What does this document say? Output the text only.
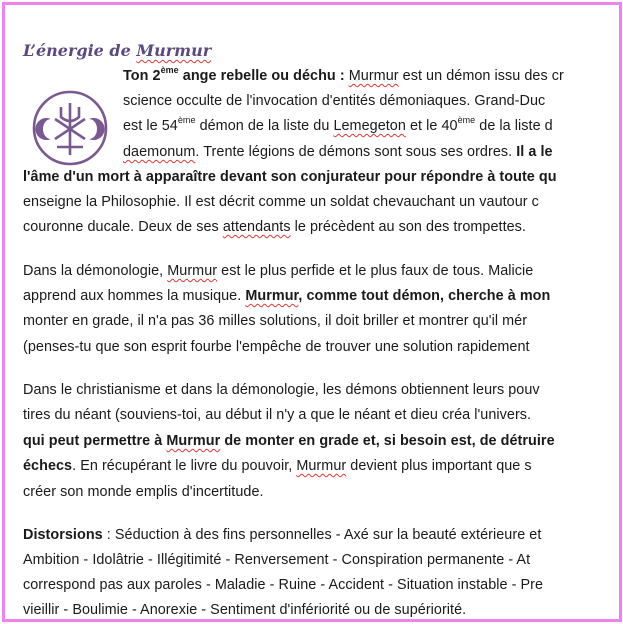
L’énergie de Murmur
Ton 2ème ange rebelle ou déchu : Murmur est un démon issu des cr
science occulte de l'invocation d'entités démoniaques. Grand-Duc
est le 54ème démon de la liste du Lemegeton et le 40ème de la liste d
daemonum. Trente légions de démons sont sous ses ordres. Il a le
l'âme d'un mort à apparaître devant son conjurateur pour répondre à toute qu
enseigne la Philosophie. Il est décrit comme un soldat chevauchant un vautour c
couronne ducale. Deux de ses attendants le précèdent au son des trompettes.
Dans la démonologie, Murmur est le plus perfide et le plus faux de tous. Malicie
apprend aux hommes la musique. Murmur, comme tout démon, cherche à mon
monter en grade, il n'a pas 36 milles solutions, il doit briller et montrer qu'il mér
(penses-tu que son esprit fourbe l'empêche de trouver une solution rapidement
Dans le christianisme et dans la démonologie, les démons obtiennent leurs pouv
tires du néant (souviens-toi, au début il n'y a que le néant et dieu créa l'univers.
qui peut permettre à Murmur de monter en grade et, si besoin est, de détruire
échecs. En récupérant le livre du pouvoir, Murmur devient plus important que s
créer son monde emplis d'incertitude.
Distorsions : Séduction à des fins personnelles - Axé sur la beauté extérieure et
Ambition - Idolâtrie - Illégitimité - Renversement - Conspiration permanente - At
correspond pas aux paroles - Maladie - Ruine - Accident - Situation instable - Pre
vieillir - Boulimie - Anorexie - Sentiment d'infériorité ou de supériorité.
